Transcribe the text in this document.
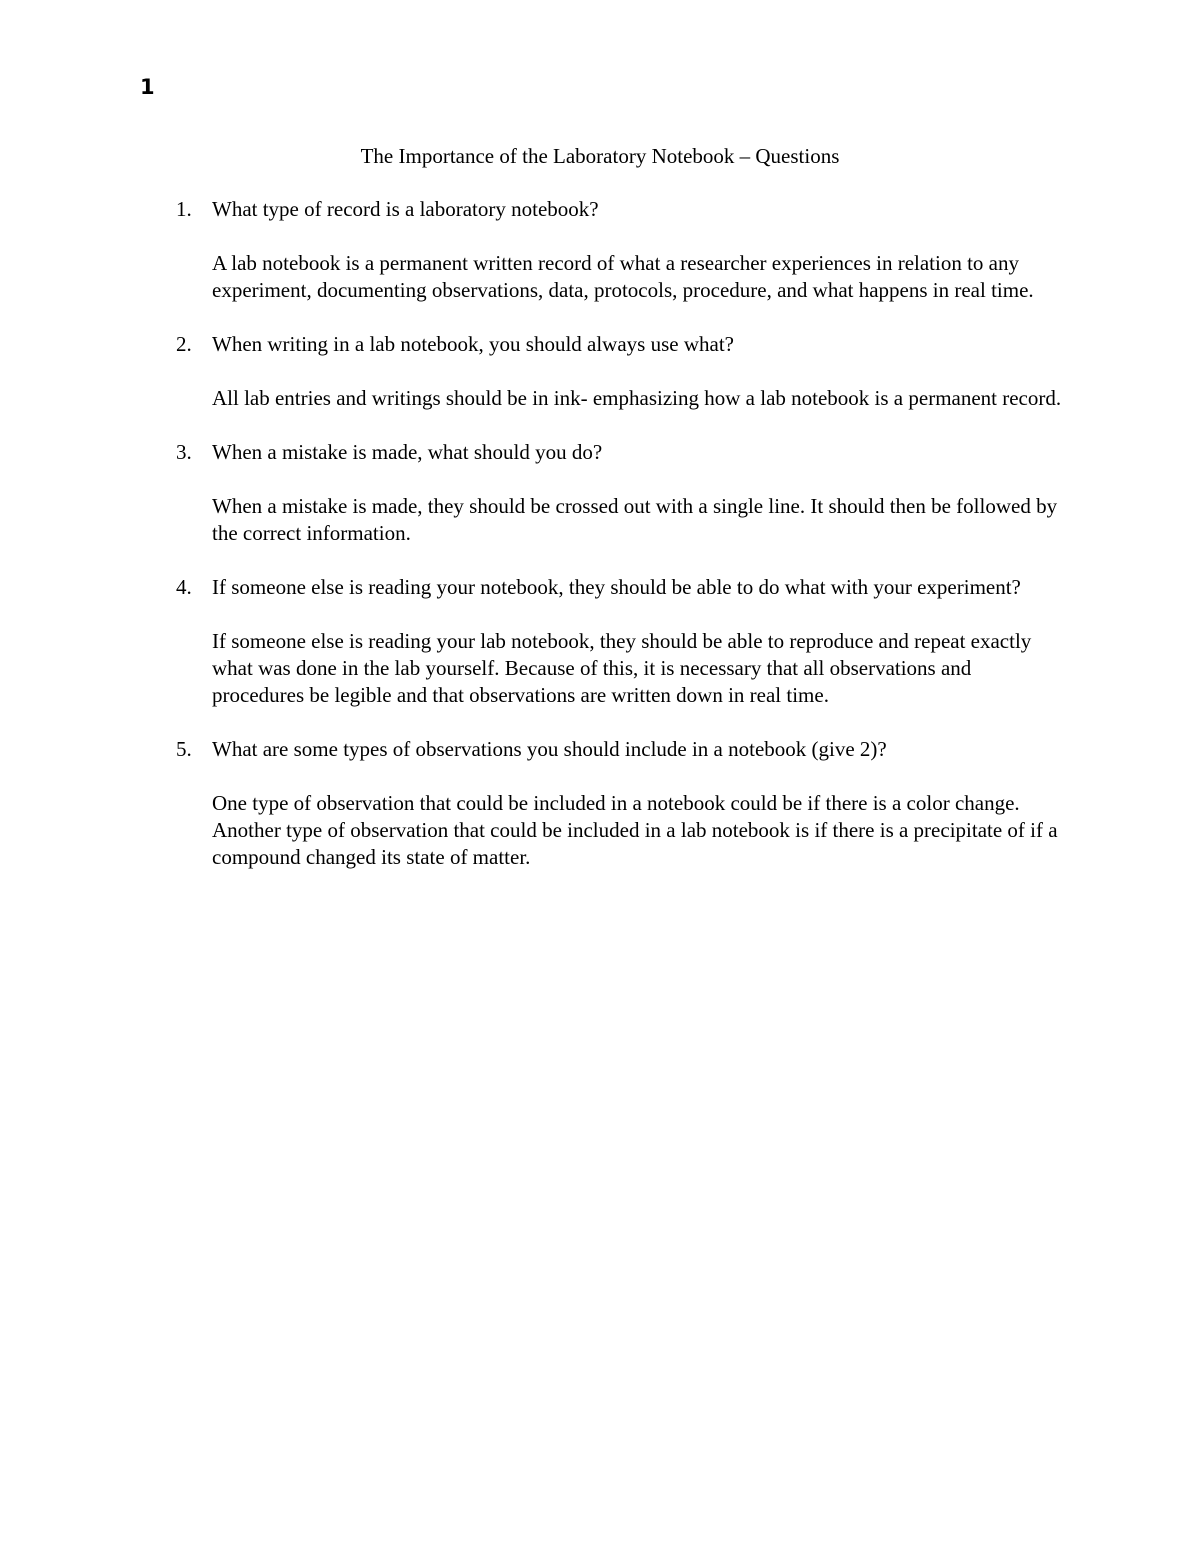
1
The Importance of the Laboratory Notebook – Questions
1. What type of record is a laboratory notebook?

A lab notebook is a permanent written record of what a researcher experiences in relation to any experiment, documenting observations, data, protocols, procedure, and what happens in real time.

2. When writing in a lab notebook, you should always use what?

All lab entries and writings should be in ink- emphasizing how a lab notebook is a permanent record.

3. When a mistake is made, what should you do?

When a mistake is made, they should be crossed out with a single line. It should then be followed by the correct information.

4. If someone else is reading your notebook, they should be able to do what with your experiment?

If someone else is reading your lab notebook, they should be able to reproduce and repeat exactly what was done in the lab yourself. Because of this, it is necessary that all observations and procedures be legible and that observations are written down in real time.

5. What are some types of observations you should include in a notebook (give 2)?

One type of observation that could be included in a notebook could be if there is a color change. Another type of observation that could be included in a lab notebook is if there is a precipitate of if a compound changed its state of matter.
